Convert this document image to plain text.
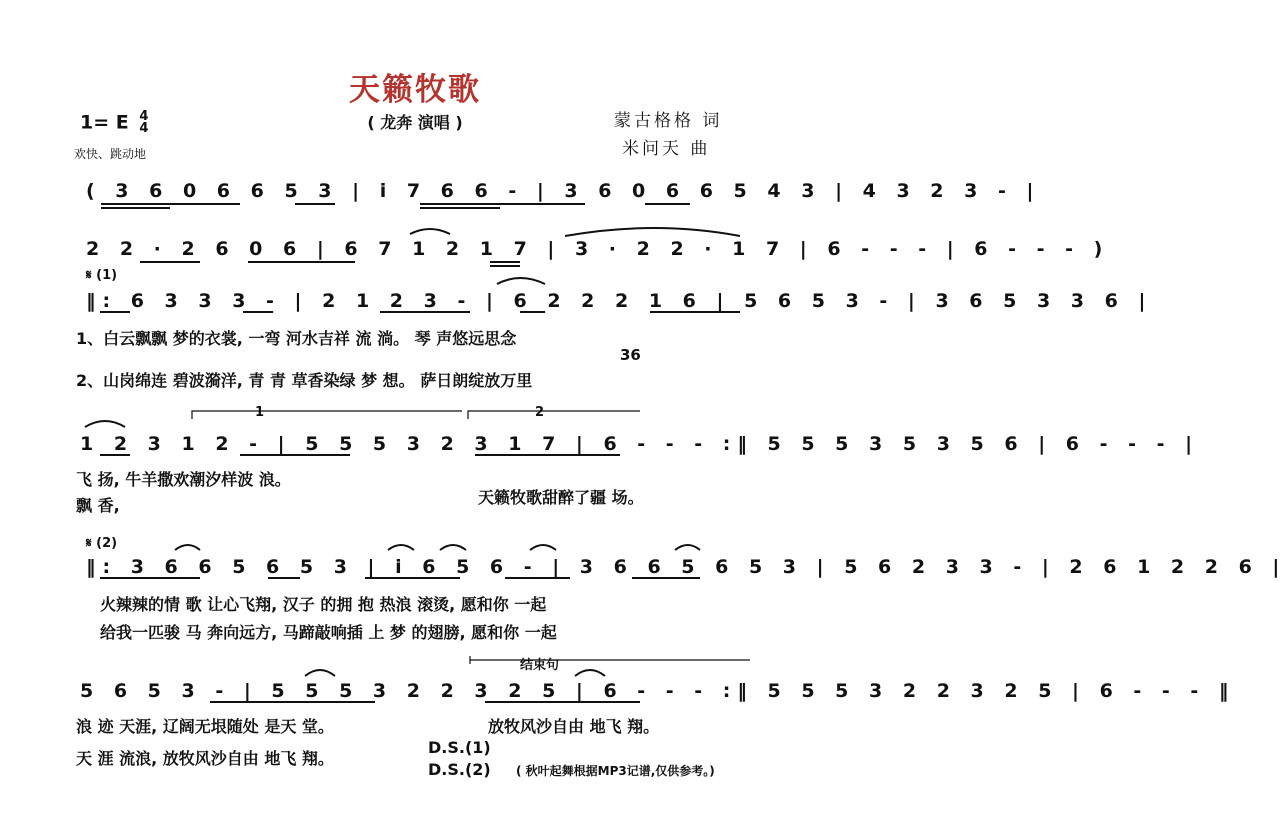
天籁牧歌
( 龙奔 演唱 )
1= E 4
4
欢快、跳动地
蒙古格格 词
米问天 曲
( 3 6 0 6 6 5 3 | i 7 6 6 - | 3 6 0 6 6 5 4 3 | 4 3 2 3 - |
2 2 · 2 6 0 6 | 6 7 1 2 1 7 | 3 · 2 2 · 1 7 | 6 - - - | 6 - - - )
𝄋 (1)
‖: 6 3 3 3 - | 2 1 2 3 - | 6 2 2 2 1 6 | 5 6 5 3 - | 3 6 5 3 3 6 |
1、白云飘飘 梦的衣裳, 一弯 河水吉祥 流 淌。 琴 声悠远思念
36
2、山岗绵连 碧波漪洋, 青 青 草香染绿 梦 想。 萨日朗绽放万里
1	2
1 2 3 1 2 - | 5 5 5 3 2 3 1 7 | 6 - - - :‖ 5 5 5 3 5 3 5 6 | 6 - - - |
飞 扬, 牛羊撒欢潮汐样波 浪。
飘 香,	天籁牧歌甜醉了疆 场。
𝄋 (2)
‖: 3 6 6 5 6 5 3 | i 6 5 6 - | 3 6 6 5 6 5 3 | 5 6 2 3 3 - | 2 6 1 2 2 6 |
火辣辣的情 歌 让心飞翔, 汉子 的拥 抱 热浪 滚烫, 愿和你 一起
给我一匹骏 马 奔向远方, 马蹄敲响插 上 梦 的翅膀, 愿和你 一起
结束句
5 6 5 3 - | 5 5 5 3 2 2 3 2 5 | 6 - - - :‖ 5 5 5 3 2 2 3 2 5 | 6 - - - ‖
浪 迹 天涯, 辽阔无垠随处 是天 堂。	放牧风沙自由 地飞 翔。
天 涯 流浪, 放牧风沙自由 地飞 翔。
D.S.(1)
D.S.(2) ( 秋叶起舞根据MP3记谱,仅供参考。)
